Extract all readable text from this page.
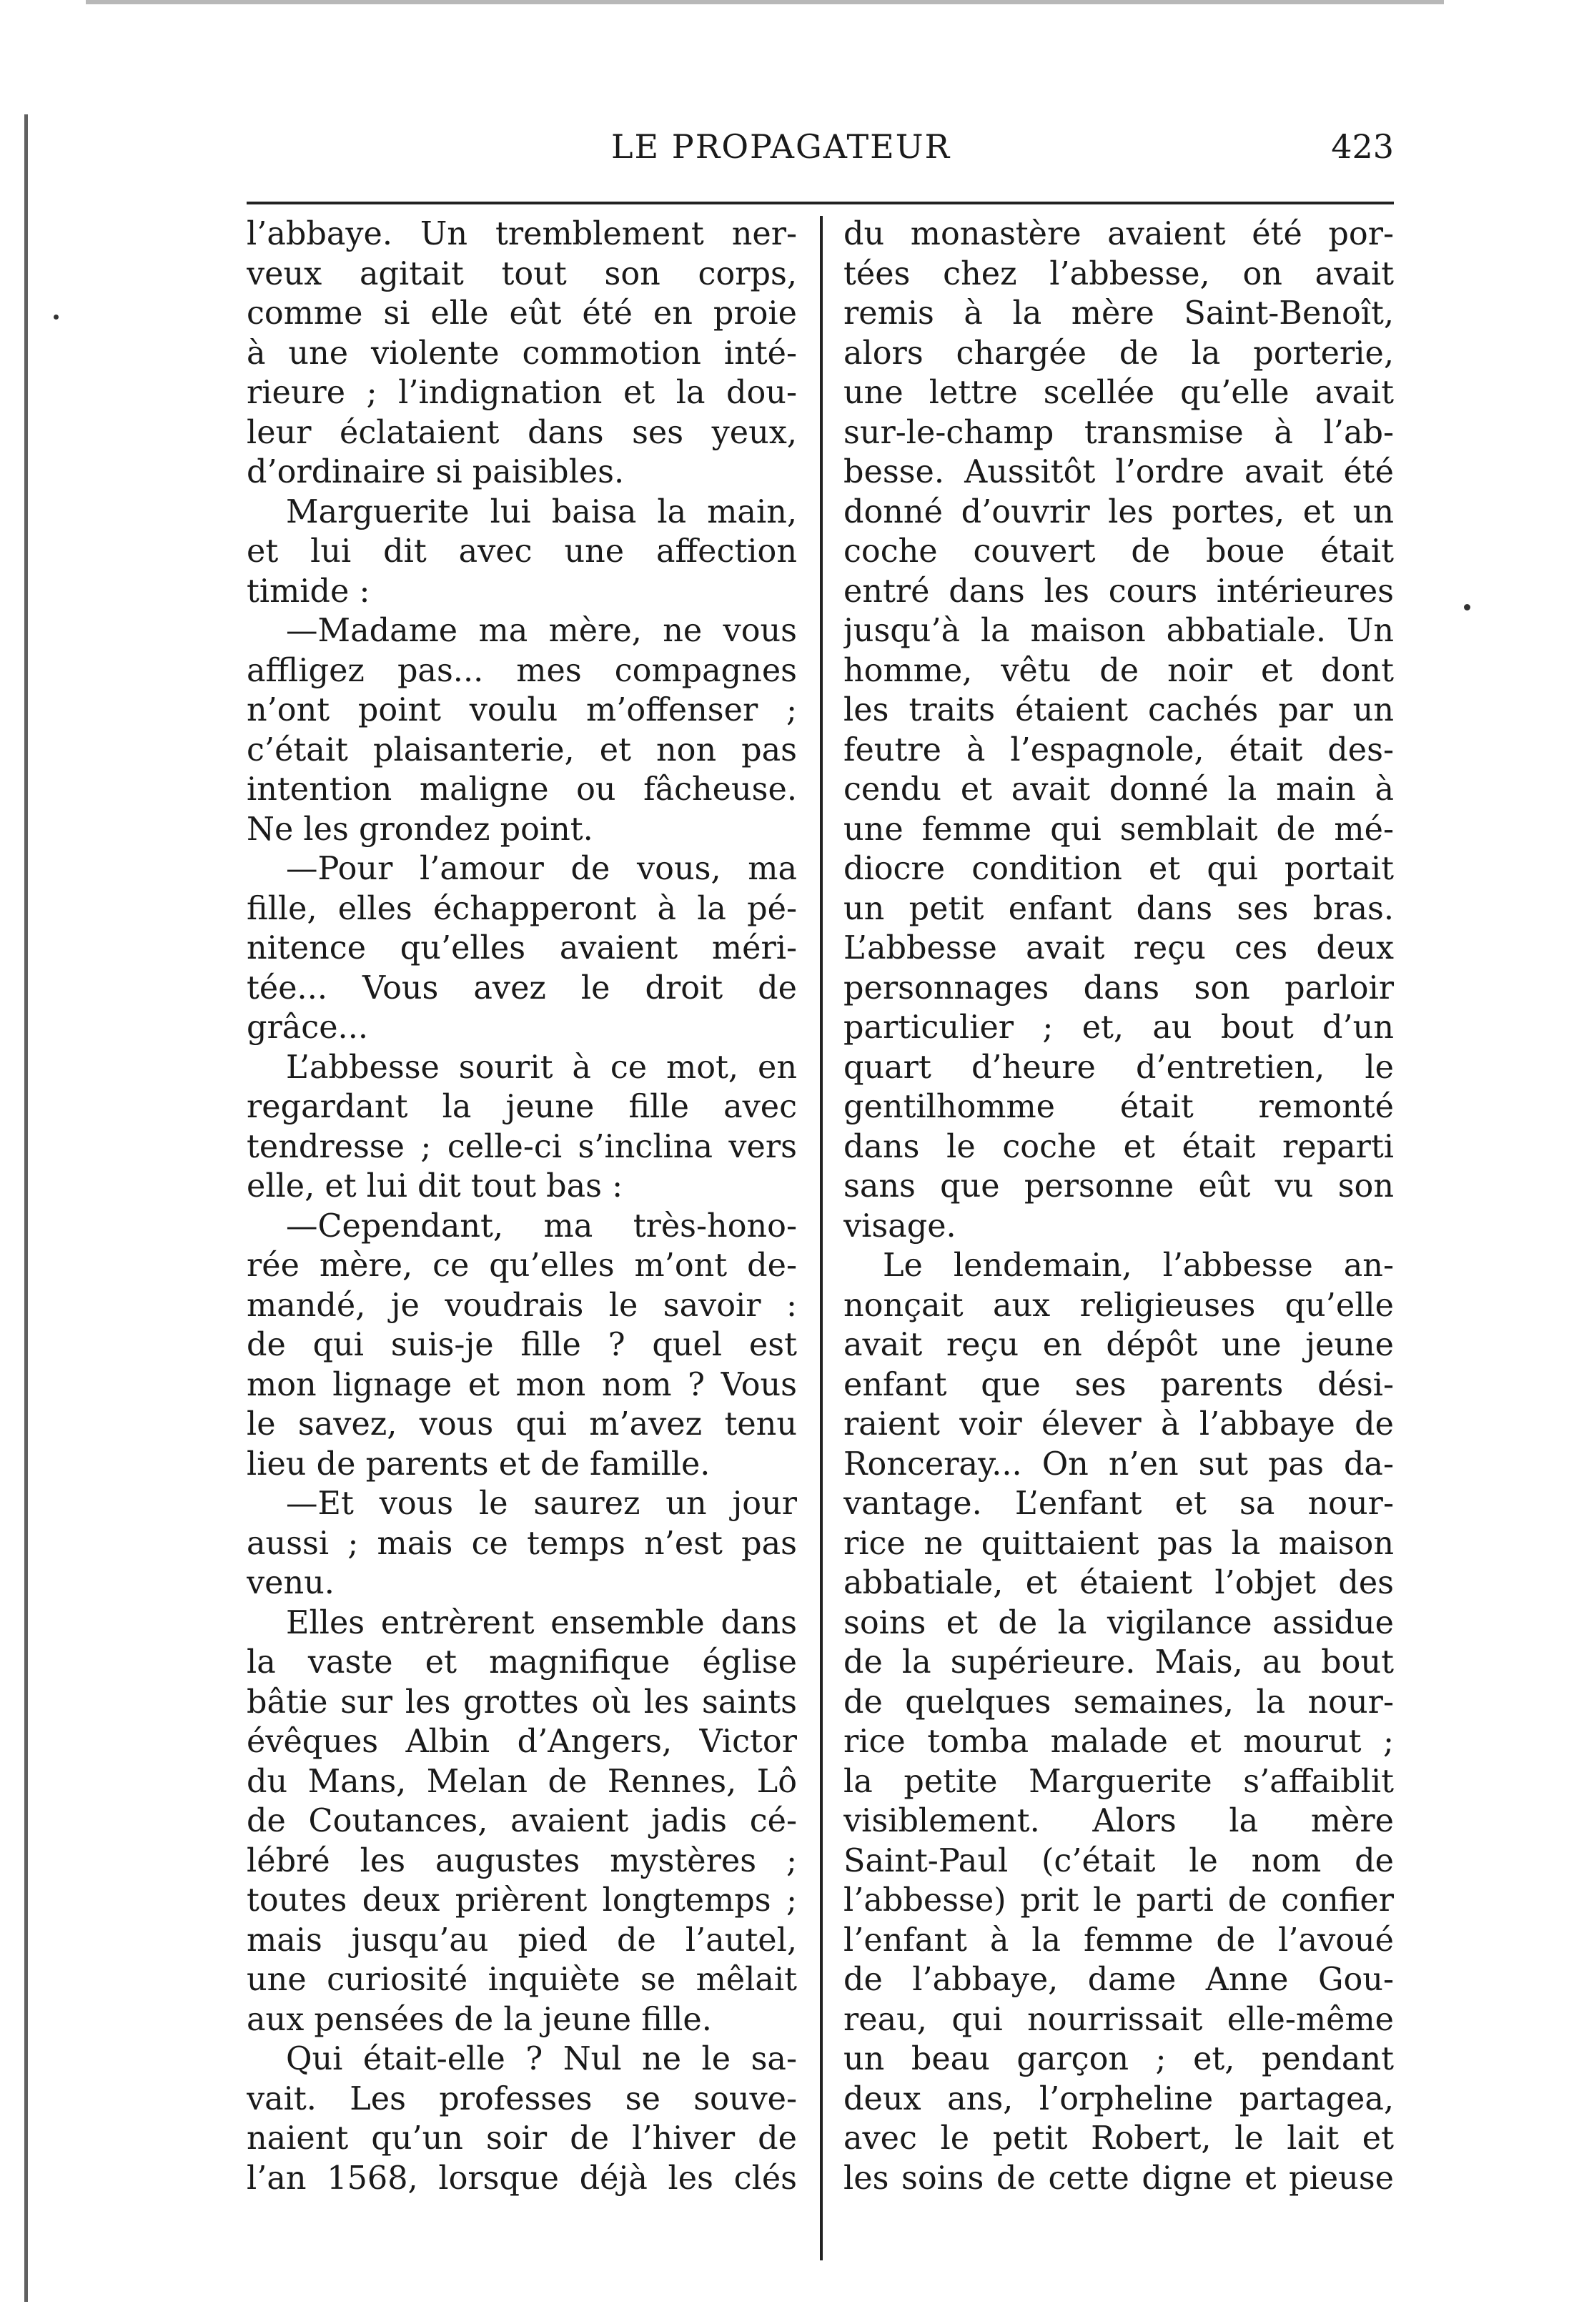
LE PROPAGATEUR	423
l’abbaye. Un tremblement ner-
veux agitait tout son corps,
comme si elle eût été en proie
à une violente commotion inté-
rieure ; l’indignation et la dou-
leur éclataient dans ses yeux,
d’ordinaire si paisibles.
Marguerite lui baisa la main,
et lui dit avec une affection
timide :
—Madame ma mère, ne vous
affligez pas... mes compagnes
n’ont point voulu m’offenser ;
c’était plaisanterie, et non pas
intention maligne ou fâcheuse.
Ne les grondez point.
—Pour l’amour de vous, ma
fille, elles échapperont à la pé-
nitence qu’elles avaient méri-
tée... Vous avez le droit de
grâce...
L’abbesse sourit à ce mot, en
regardant la jeune fille avec
tendresse ; celle-ci s’inclina vers
elle, et lui dit tout bas :
—Cependant, ma très-hono-
rée mère, ce qu’elles m’ont de-
mandé, je voudrais le savoir :
de qui suis-je fille ? quel est
mon lignage et mon nom ? Vous
le savez, vous qui m’avez tenu
lieu de parents et de famille.
—Et vous le saurez un jour
aussi ; mais ce temps n’est pas
venu.
Elles entrèrent ensemble dans
la vaste et magnifique église
bâtie sur les grottes où les saints
évêques Albin d’Angers, Victor
du Mans, Melan de Rennes, Lô
de Coutances, avaient jadis cé-
lébré les augustes mystères ;
toutes deux prièrent longtemps ;
mais jusqu’au pied de l’autel,
une curiosité inquiète se mêlait
aux pensées de la jeune fille.
Qui était-elle ? Nul ne le sa-
vait. Les professes se souve-
naient qu’un soir de l’hiver de
l’an 1568, lorsque déjà les clés
du monastère avaient été por-
tées chez l’abbesse, on avait
remis à la mère Saint-Benoît,
alors chargée de la porterie,
une lettre scellée qu’elle avait
sur-le-champ transmise à l’ab-
besse. Aussitôt l’ordre avait été
donné d’ouvrir les portes, et un
coche couvert de boue était
entré dans les cours intérieures
jusqu’à la maison abbatiale. Un
homme, vêtu de noir et dont
les traits étaient cachés par un
feutre à l’espagnole, était des-
cendu et avait donné la main à
une femme qui semblait de mé-
diocre condition et qui portait
un petit enfant dans ses bras.
L’abbesse avait reçu ces deux
personnages dans son parloir
particulier ; et, au bout d’un
quart d’heure d’entretien, le
gentilhomme était remonté
dans le coche et était reparti
sans que personne eût vu son
visage.
Le lendemain, l’abbesse an-
nonçait aux religieuses qu’elle
avait reçu en dépôt une jeune
enfant que ses parents dési-
raient voir élever à l’abbaye de
Ronceray... On n’en sut pas da-
vantage. L’enfant et sa nour-
rice ne quittaient pas la maison
abbatiale, et étaient l’objet des
soins et de la vigilance assidue
de la supérieure. Mais, au bout
de quelques semaines, la nour-
rice tomba malade et mourut ;
la petite Marguerite s’affaiblit
visiblement. Alors la mère
Saint-Paul (c’était le nom de
l’abbesse) prit le parti de confier
l’enfant à la femme de l’avoué
de l’abbaye, dame Anne Gou-
reau, qui nourrissait elle-même
un beau garçon ; et, pendant
deux ans, l’orpheline partagea,
avec le petit Robert, le lait et
les soins de cette digne et pieuse
